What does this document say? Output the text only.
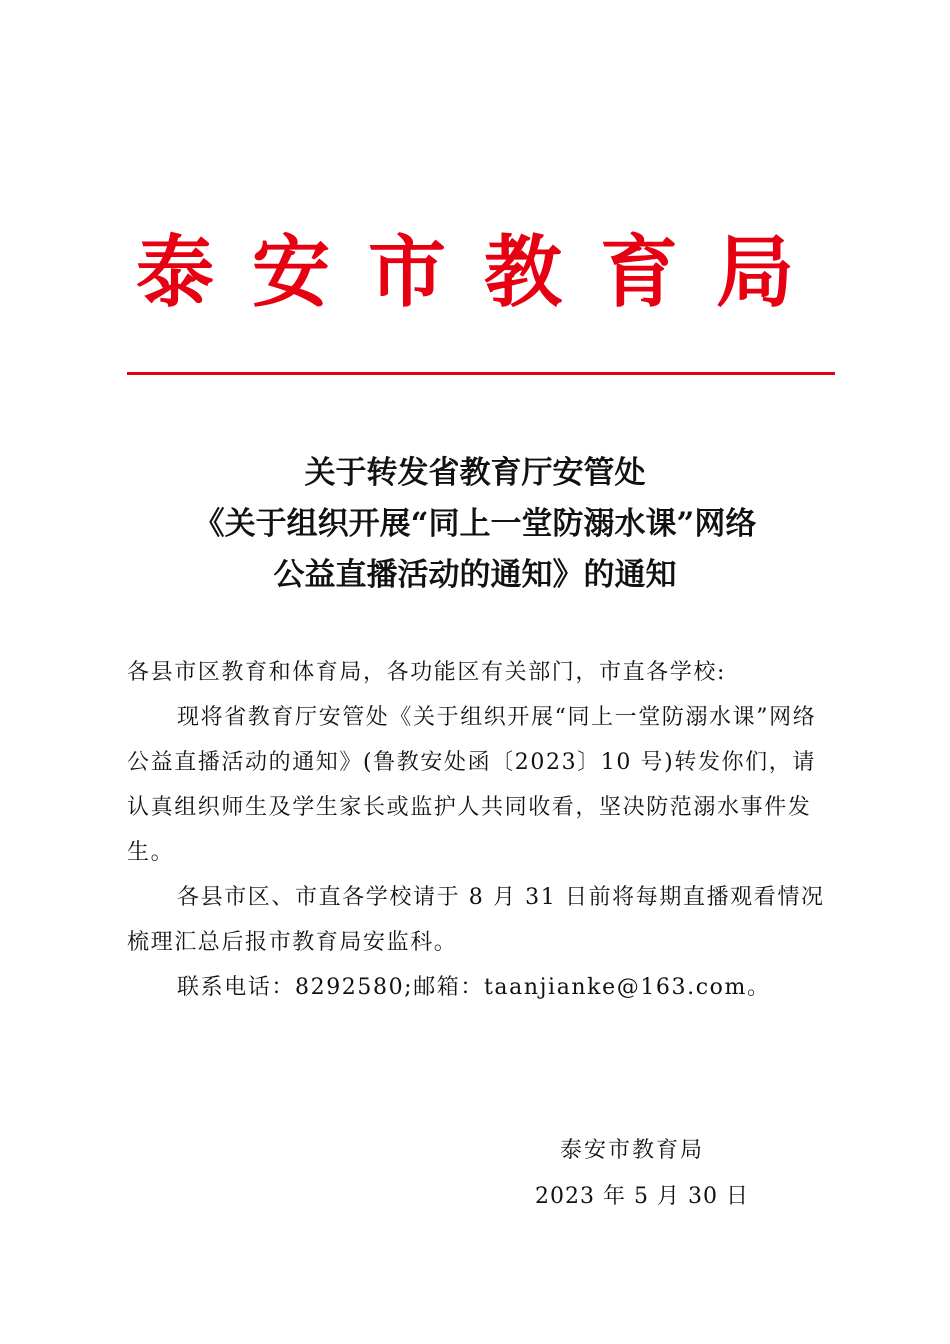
泰安市教育局
关于转发省教育厅安管处
《关于组织开展“同上一堂防溺水课”网络
公益直播活动的通知》的通知

各县市区教育和体育局，各功能区有关部门，市直各学校:

现将省教育厅安管处《关于组织开展“同上一堂防溺水课”网络公益直播活动的通知》(鲁教安处函〔2023〕10 号)转发你们，请认真组织师生及学生家长或监护人共同收看，坚决防范溺水事件发生。

各县市区、市直各学校请于 8 月 31 日前将每期直播观看情况梳理汇总后报市教育局安监科。

联系电话：8292580;邮箱：taanjianke@163.com。

泰安市教育局
2023 年 5 月 30 日
